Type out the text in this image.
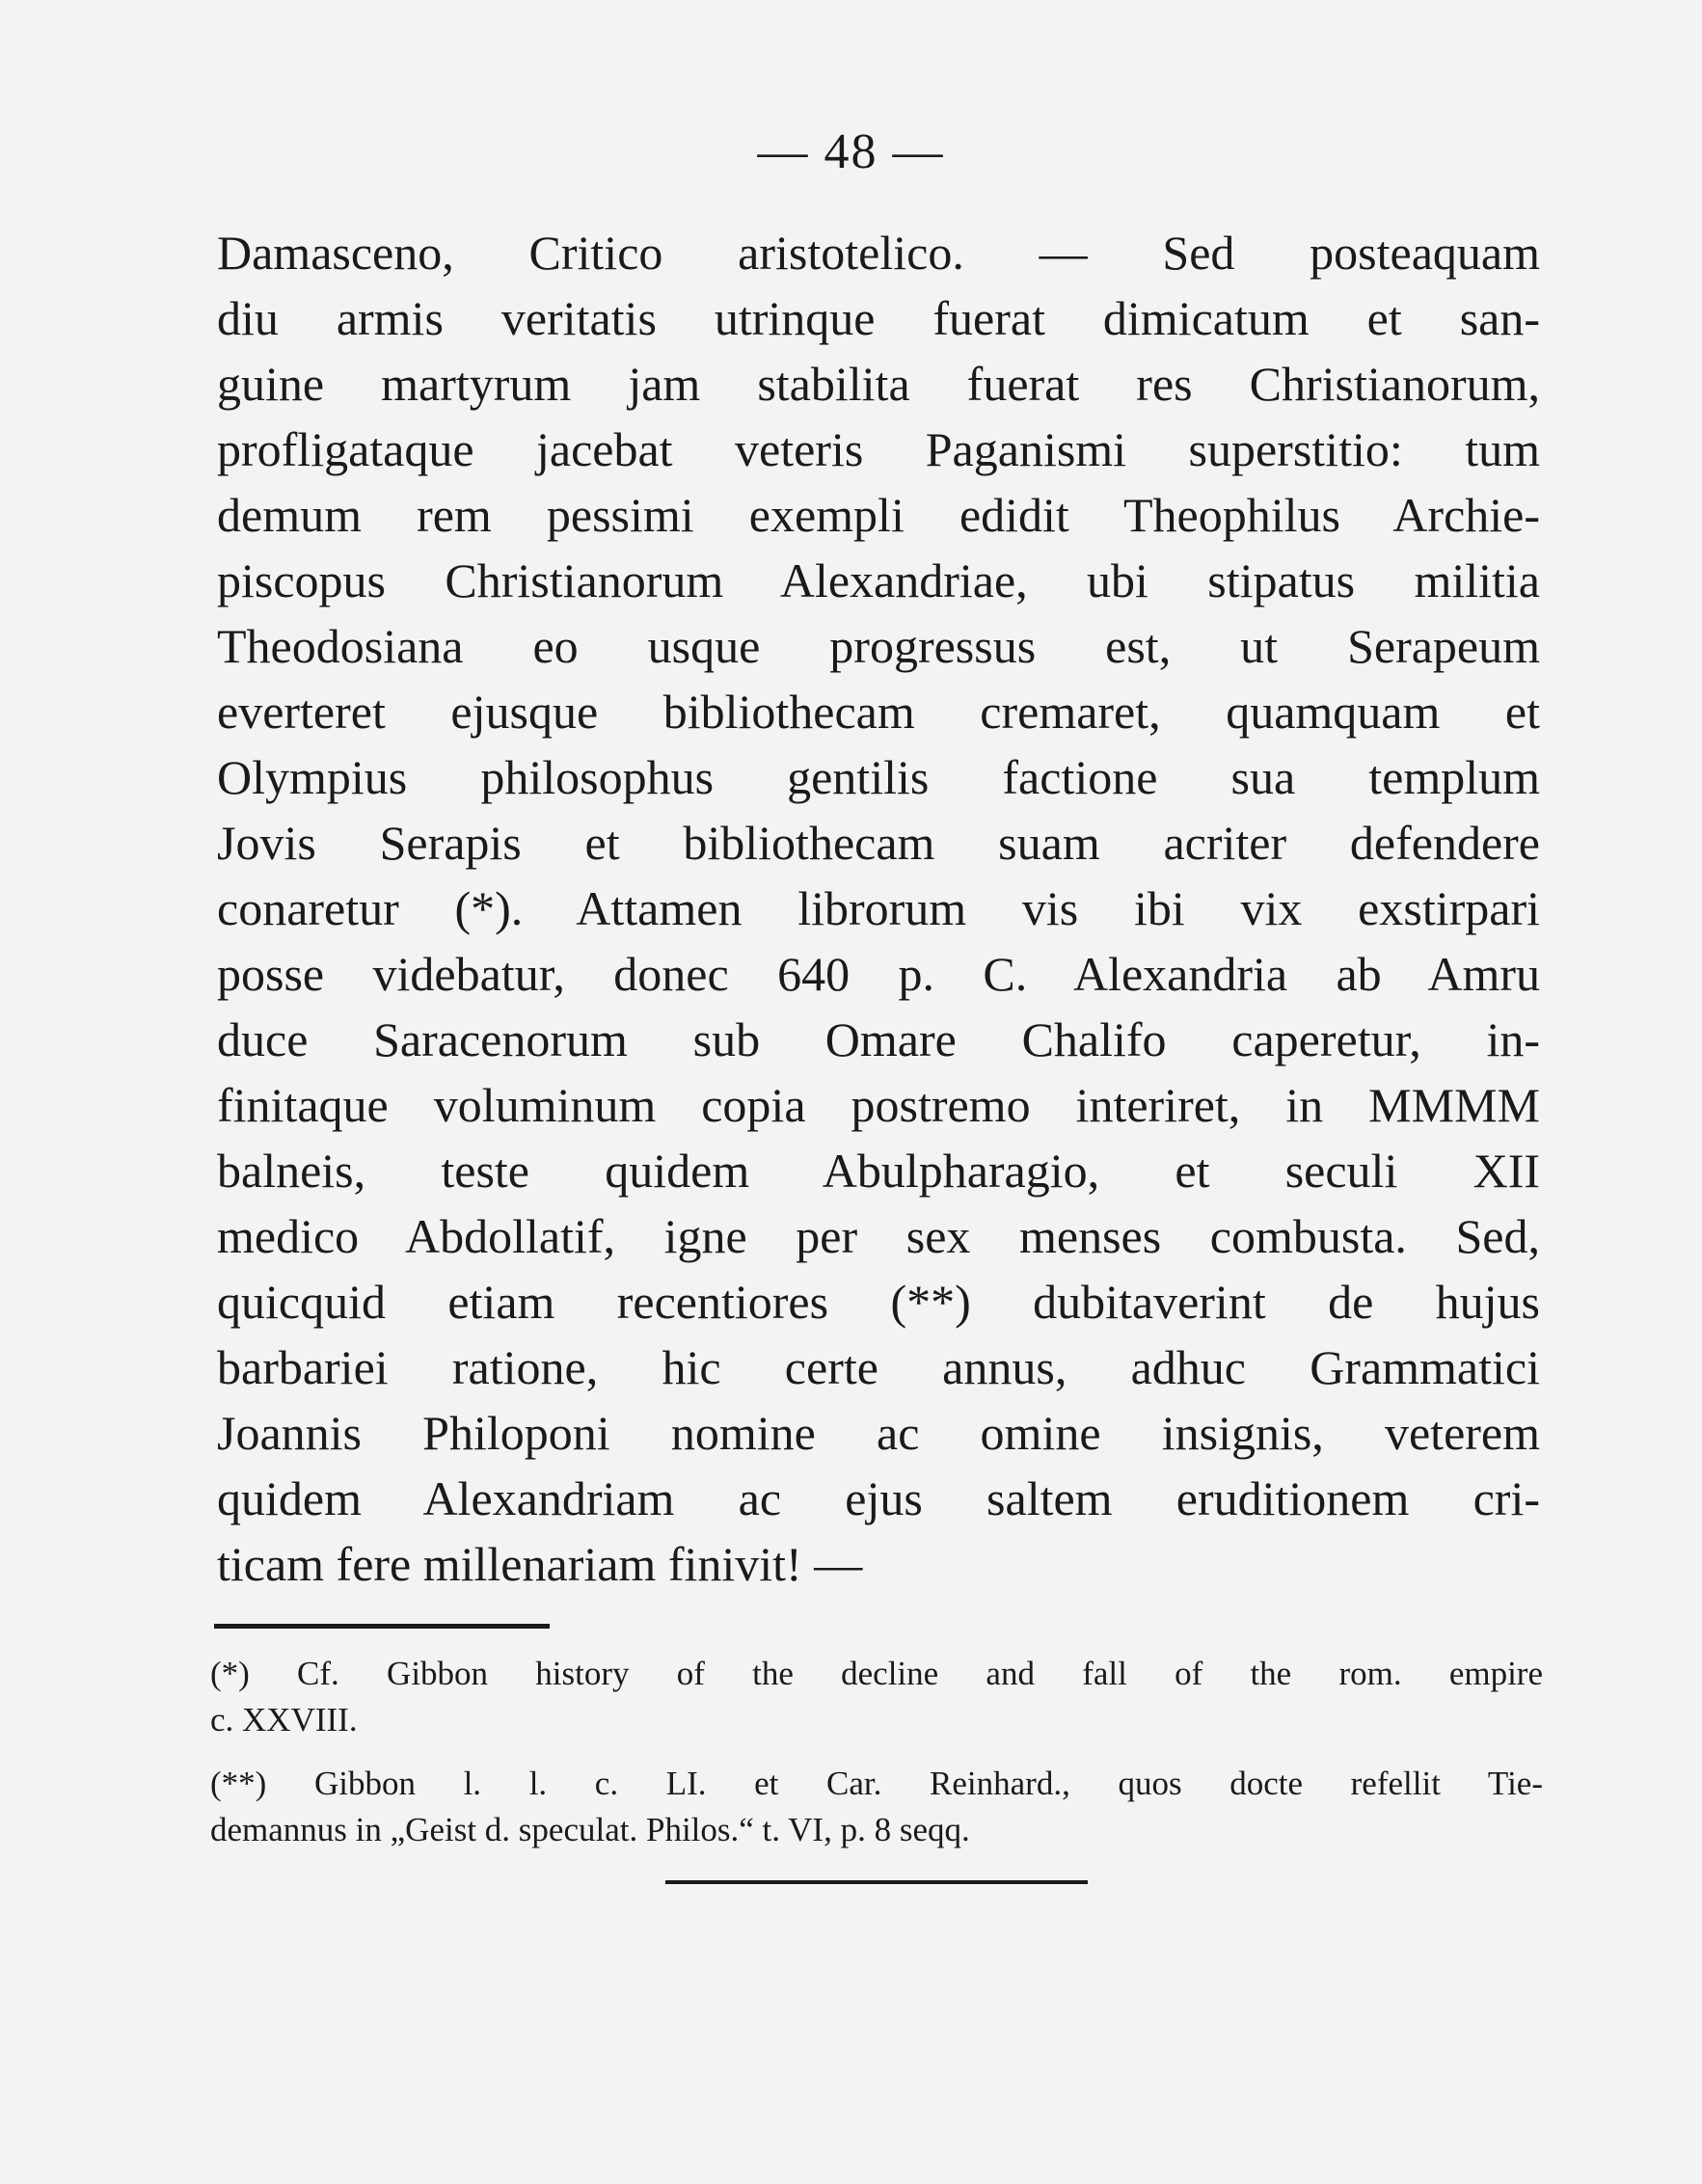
— 48 —
Damasceno, Critico aristotelico. — Sed posteaquam
diu armis veritatis utrinque fuerat dimicatum et san-
guine martyrum jam stabilita fuerat res Christianorum,
profligataque jacebat veteris Paganismi superstitio: tum
demum rem pessimi exempli edidit Theophilus Archie-
piscopus Christianorum Alexandriae, ubi stipatus militia
Theodosiana eo usque progressus est, ut Serapeum
everteret ejusque bibliothecam cremaret, quamquam et
Olympius philosophus gentilis factione sua templum
Jovis Serapis et bibliothecam suam acriter defendere
conaretur (*). Attamen librorum vis ibi vix exstirpari
posse videbatur, donec 640 p. C. Alexandria ab Amru
duce Saracenorum sub Omare Chalifo caperetur, in-
finitaque voluminum copia postremo interiret, in MMMM
balneis, teste quidem Abulpharagio, et seculi XII
medico Abdollatif, igne per sex menses combusta. Sed,
quicquid etiam recentiores (**) dubitaverint de hujus
barbariei ratione, hic certe annus, adhuc Grammatici
Joannis Philoponi nomine ac omine insignis, veterem
quidem Alexandriam ac ejus saltem eruditionem cri-
ticam fere millenariam finivit! —
(*) Cf. Gibbon history of the decline and fall of the rom. empire
c. XXVIII.
(**) Gibbon l. l. c. LI. et Car. Reinhard., quos docte refellit Tie-
demannus in „Geist d. speculat. Philos.“ t. VI, p. 8 seqq.
